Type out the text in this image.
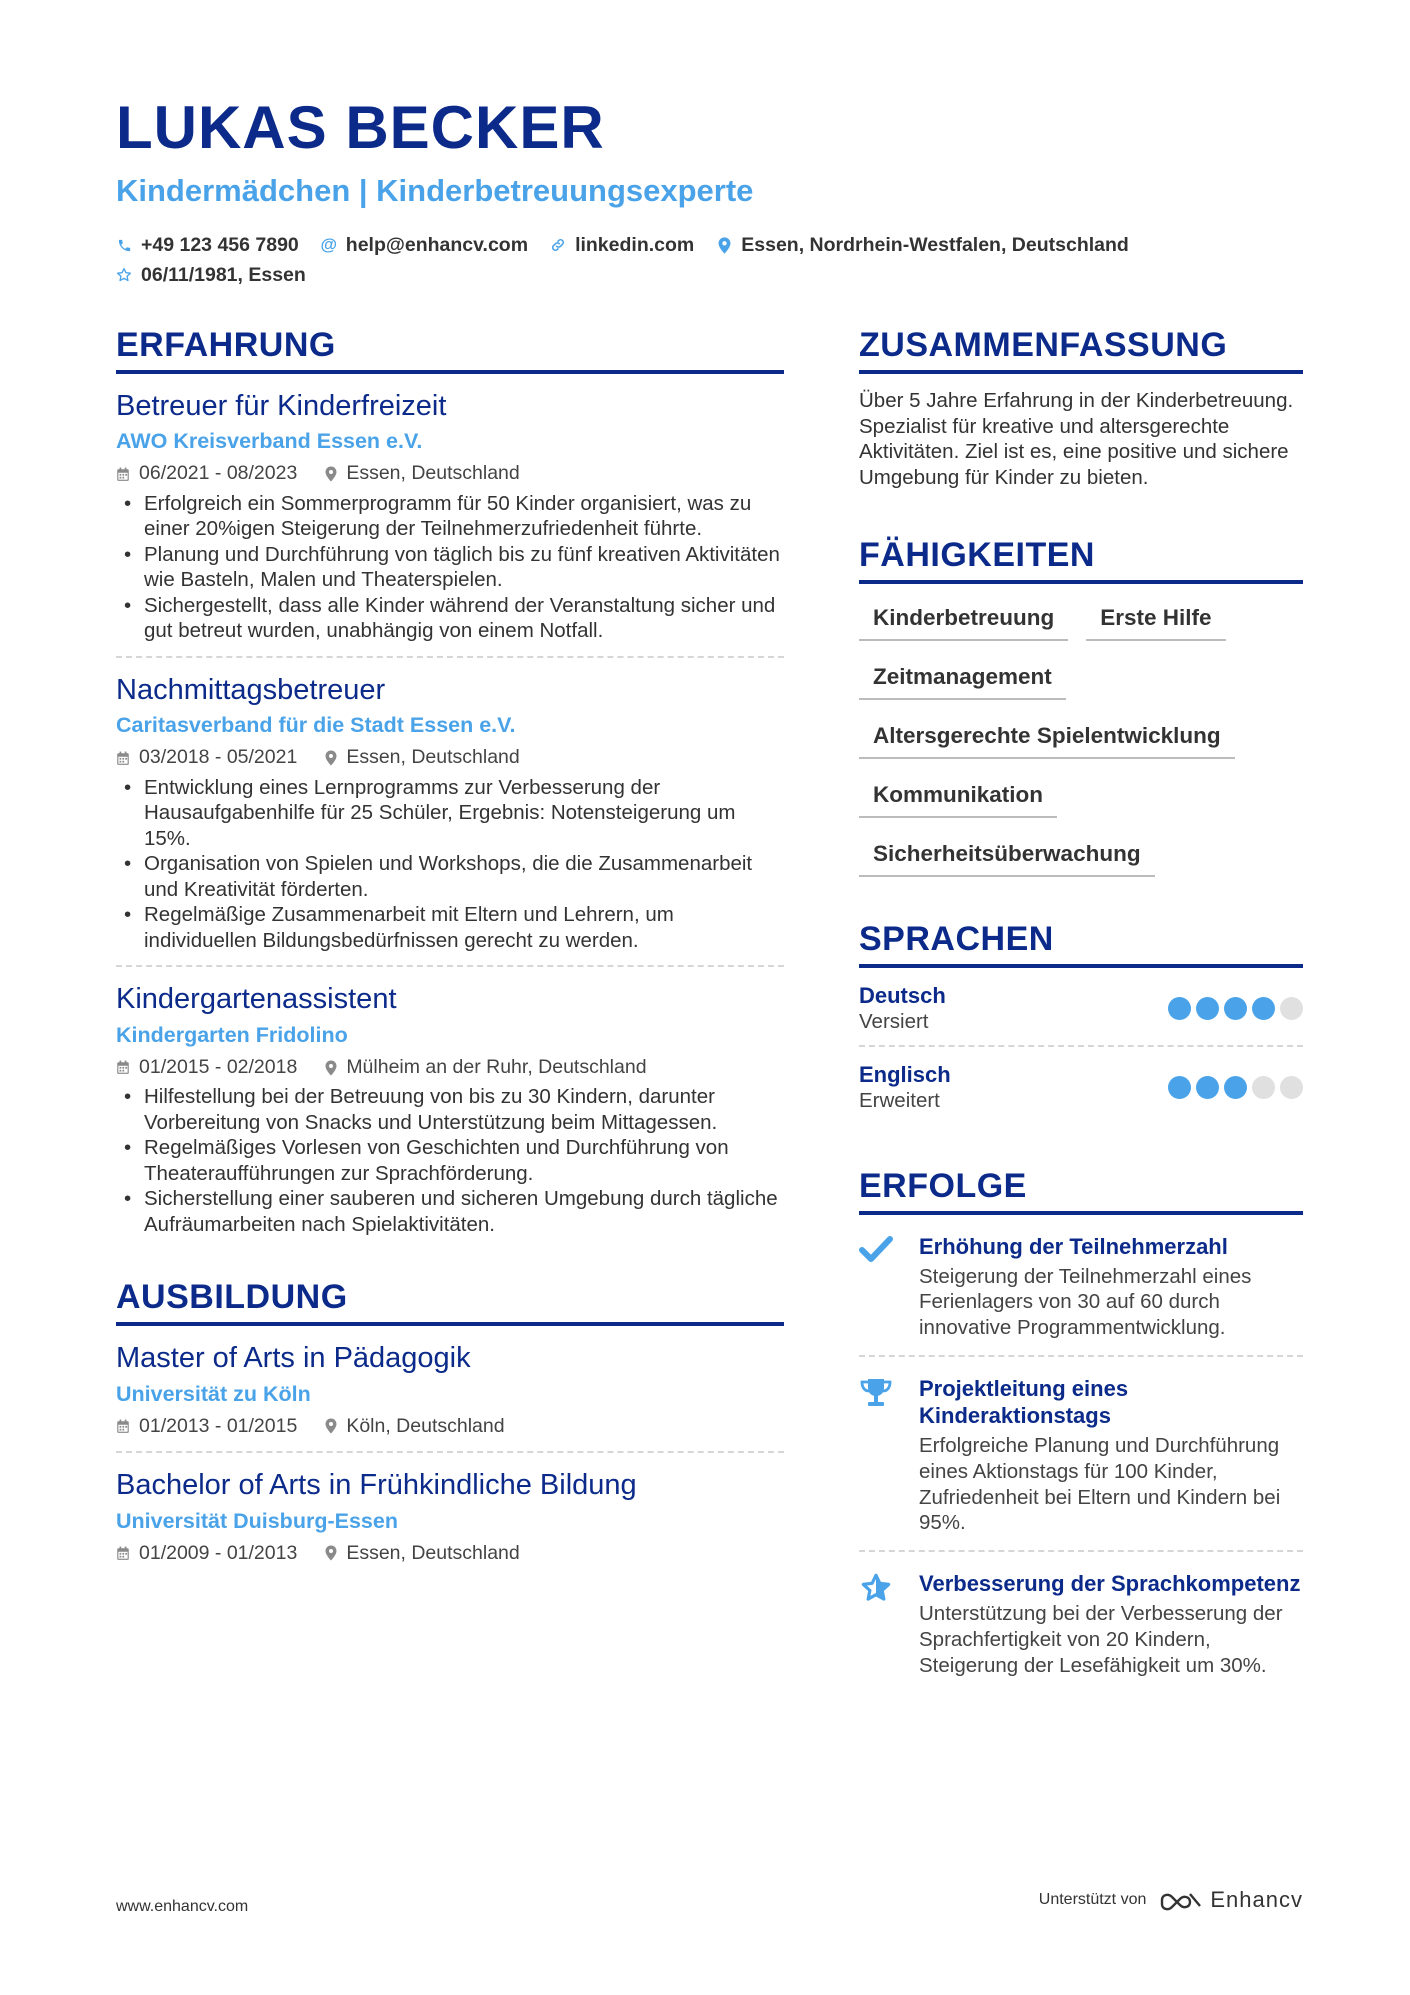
LUKAS BECKER
Kindermädchen | Kinderbetreuungsexperte
+49 123 456 7890 @ help@enhancv.com linkedin.com Essen, Nordrhein-Westfalen, Deutschland
06/11/1981, Essen
ERFAHRUNG
Betreuer für Kinderfreizeit
AWO Kreisverband Essen e.V.
06/2021 - 08/2023	Essen, Deutschland
• Erfolgreich ein Sommerprogramm für 50 Kinder organisiert, was zu einer 20%igen Steigerung der Teilnehmerzufriedenheit führte.
• Planung und Durchführung von täglich bis zu fünf kreativen Aktivitäten wie Basteln, Malen und Theaterspielen.
• Sichergestellt, dass alle Kinder während der Veranstaltung sicher und gut betreut wurden, unabhängig von einem Notfall.
Nachmittagsbetreuer
Caritasverband für die Stadt Essen e.V.
03/2018 - 05/2021	Essen, Deutschland
• Entwicklung eines Lernprogramms zur Verbesserung der Hausaufgabenhilfe für 25 Schüler, Ergebnis: Notensteigerung um 15%.
• Organisation von Spielen und Workshops, die die Zusammenarbeit und Kreativität förderten.
• Regelmäßige Zusammenarbeit mit Eltern und Lehrern, um individuellen Bildungsbedürfnissen gerecht zu werden.
Kindergartenassistent
Kindergarten Fridolino
01/2015 - 02/2018	Mülheim an der Ruhr, Deutschland
• Hilfestellung bei der Betreuung von bis zu 30 Kindern, darunter Vorbereitung von Snacks und Unterstützung beim Mittagessen.
• Regelmäßiges Vorlesen von Geschichten und Durchführung von Theateraufführungen zur Sprachförderung.
• Sicherstellung einer sauberen und sicheren Umgebung durch tägliche Aufräumarbeiten nach Spielaktivitäten.
AUSBILDUNG
Master of Arts in Pädagogik
Universität zu Köln
01/2013 - 01/2015	Köln, Deutschland
Bachelor of Arts in Frühkindliche Bildung
Universität Duisburg-Essen
01/2009 - 01/2013	Essen, Deutschland
ZUSAMMENFASSUNG
Über 5 Jahre Erfahrung in der Kinderbetreuung. Spezialist für kreative und altersgerechte Aktivitäten. Ziel ist es, eine positive und sichere Umgebung für Kinder zu bieten.
FÄHIGKEITEN
Kinderbetreuung	Erste Hilfe
Zeitmanagement
Altersgerechte Spielentwicklung
Kommunikation
Sicherheitsüberwachung
SPRACHEN
Deutsch
Versiert
Englisch
Erweitert
ERFOLGE
Erhöhung der Teilnehmerzahl
Steigerung der Teilnehmerzahl eines Ferienlagers von 30 auf 60 durch innovative Programmentwicklung.
Projektleitung eines Kinderaktionstags
Erfolgreiche Planung und Durchführung eines Aktionstags für 100 Kinder, Zufriedenheit bei Eltern und Kindern bei 95%.
Verbesserung der Sprachkompetenz
Unterstützung bei der Verbesserung der Sprachfertigkeit von 20 Kindern, Steigerung der Lesefähigkeit um 30%.
www.enhancv.com	Unterstützt von	Enhancv
